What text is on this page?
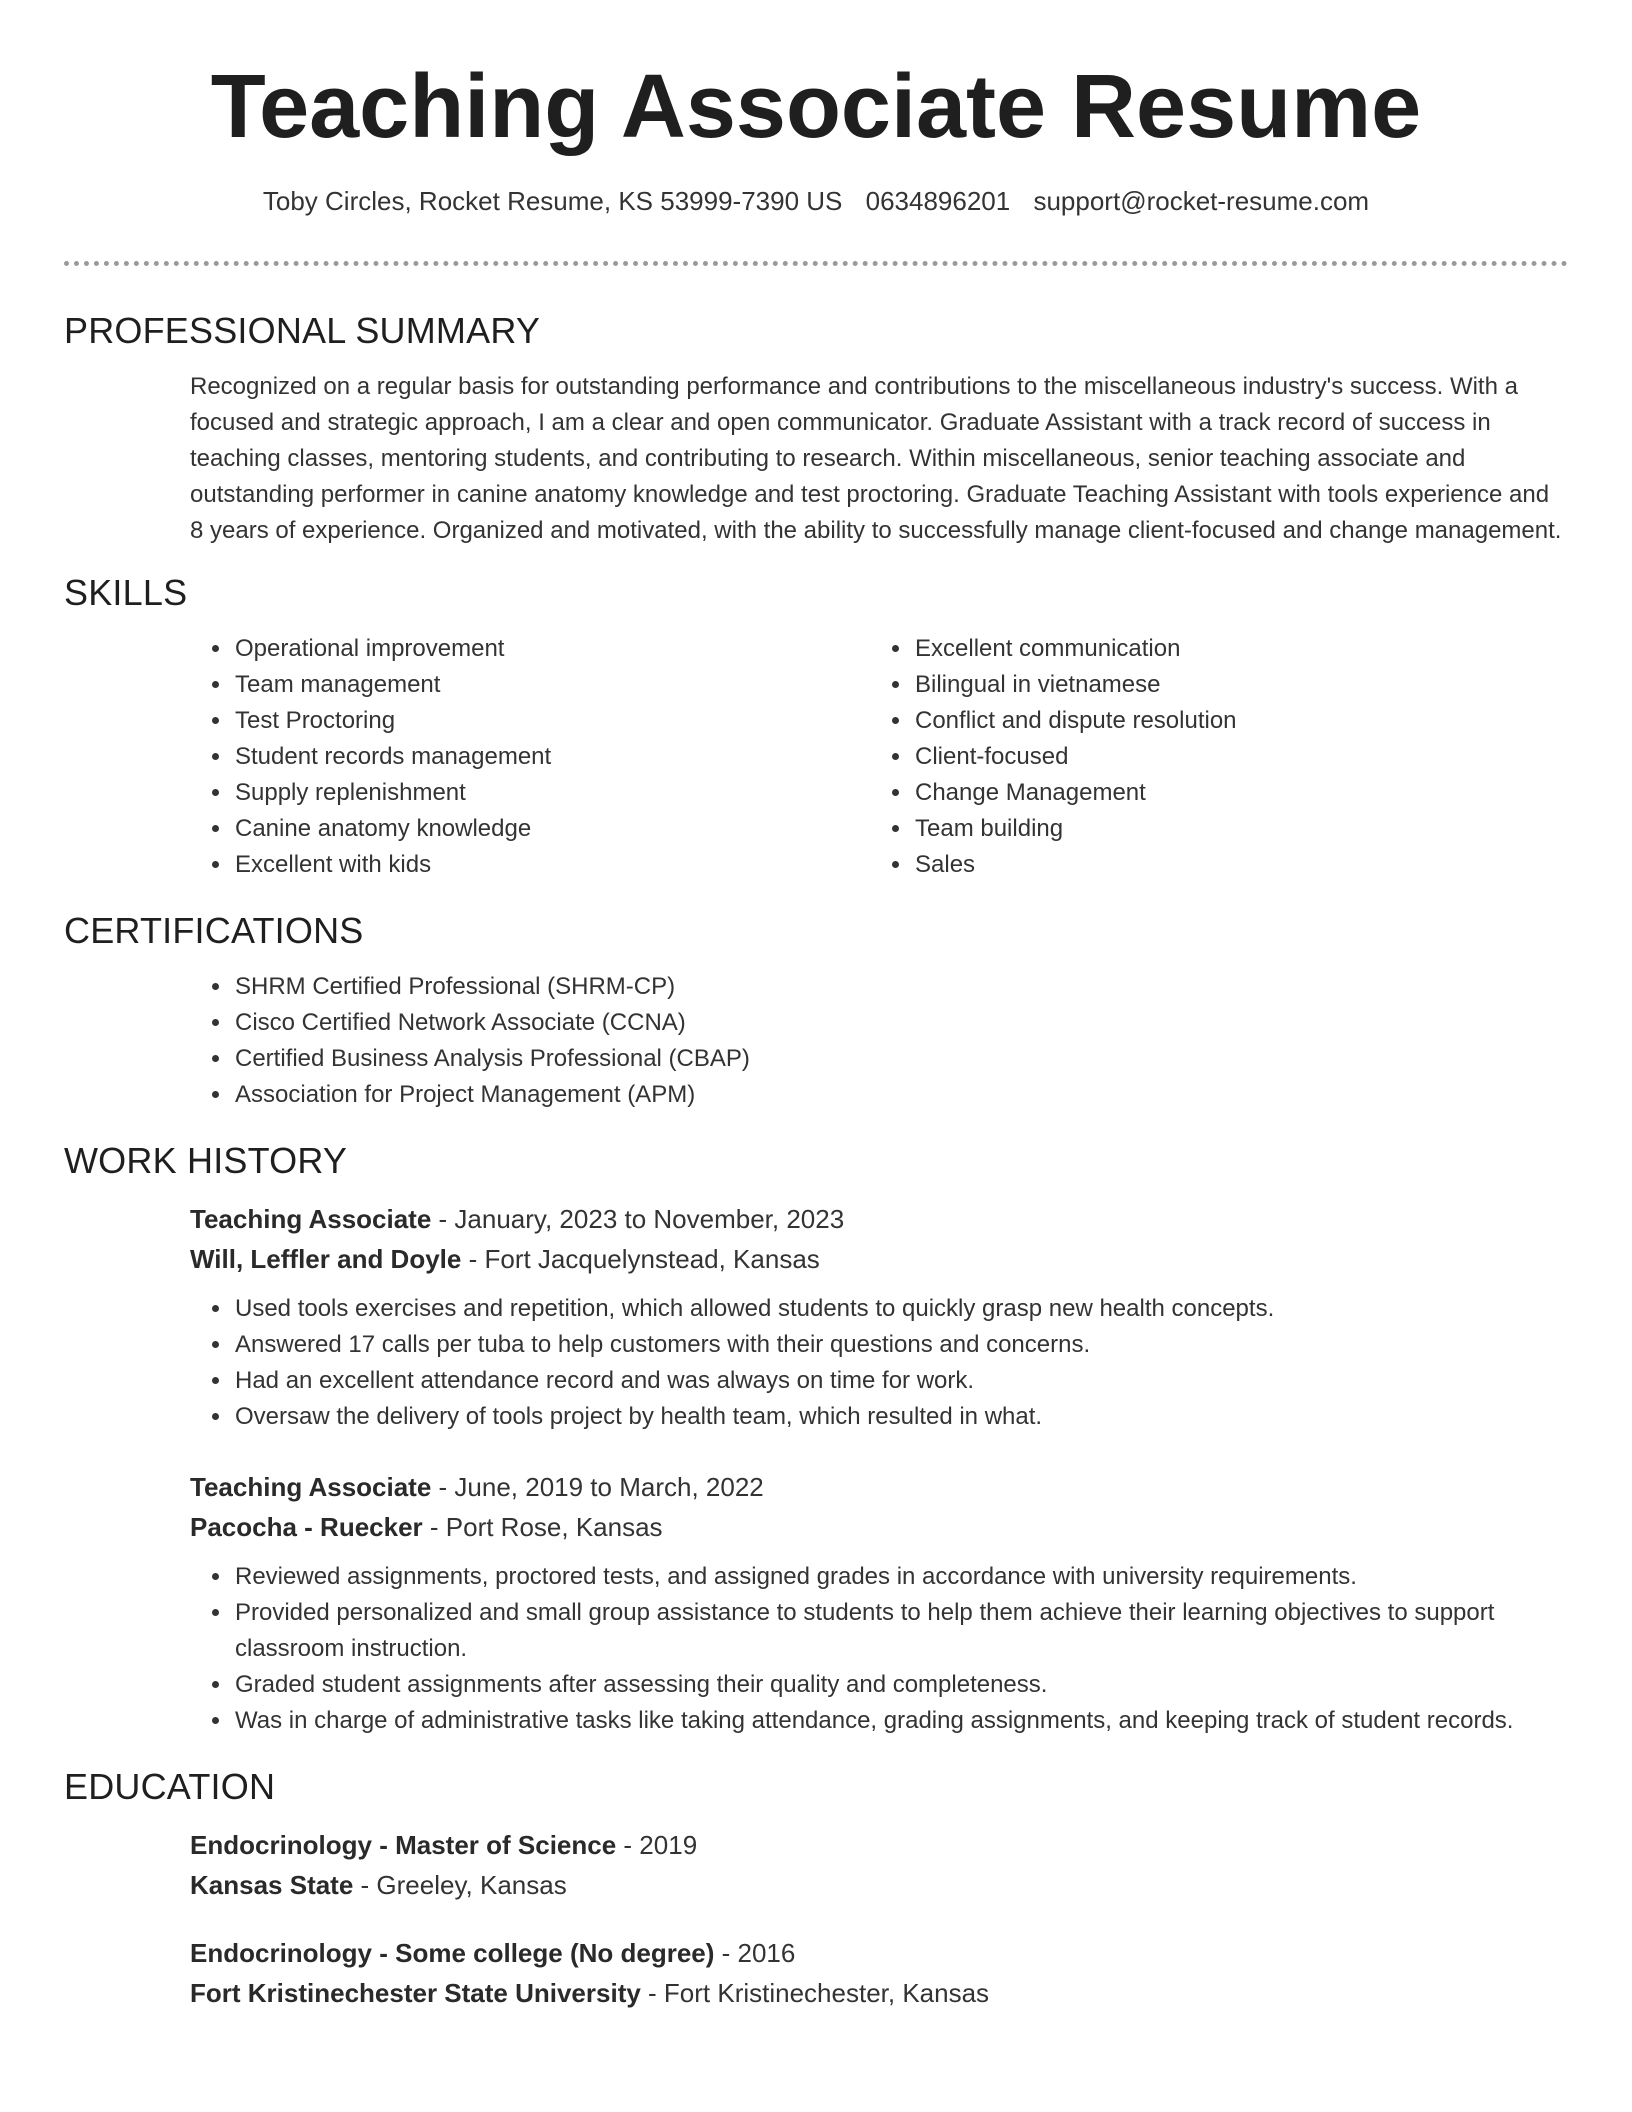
Teaching Associate Resume
Toby Circles, Rocket Resume, KS 53999-7390 US 0634896201 support@rocket-resume.com
PROFESSIONAL SUMMARY

Recognized on a regular basis for outstanding performance and contributions to the miscellaneous industry's success. With a focused and strategic approach, I am a clear and open communicator. Graduate Assistant with a track record of success in teaching classes, mentoring students, and contributing to research. Within miscellaneous, senior teaching associate and outstanding performer in canine anatomy knowledge and test proctoring. Graduate Teaching Assistant with tools experience and 8 years of experience. Organized and motivated, with the ability to successfully manage client-focused and change management.

SKILLS
• Operational improvement
• Team management
• Test Proctoring
• Student records management
• Supply replenishment
• Canine anatomy knowledge
• Excellent with kids
• Excellent communication
• Bilingual in vietnamese
• Conflict and dispute resolution
• Client-focused
• Change Management
• Team building
• Sales
CERTIFICATIONS
• SHRM Certified Professional (SHRM-CP)
• Cisco Certified Network Associate (CCNA)
• Certified Business Analysis Professional (CBAP)
• Association for Project Management (APM)
WORK HISTORY
Teaching Associate - January, 2023 to November, 2023
Will, Leffler and Doyle - Fort Jacquelynstead, Kansas
• Used tools exercises and repetition, which allowed students to quickly grasp new health concepts.
• Answered 17 calls per tuba to help customers with their questions and concerns.
• Had an excellent attendance record and was always on time for work.
• Oversaw the delivery of tools project by health team, which resulted in what.
Teaching Associate - June, 2019 to March, 2022
Pacocha - Ruecker - Port Rose, Kansas
• Reviewed assignments, proctored tests, and assigned grades in accordance with university requirements.
• Provided personalized and small group assistance to students to help them achieve their learning objectives to support classroom instruction.
• Graded student assignments after assessing their quality and completeness.
• Was in charge of administrative tasks like taking attendance, grading assignments, and keeping track of student records.
EDUCATION
Endocrinology - Master of Science - 2019
Kansas State - Greeley, Kansas
Endocrinology - Some college (No degree) - 2016
Fort Kristinechester State University - Fort Kristinechester, Kansas
